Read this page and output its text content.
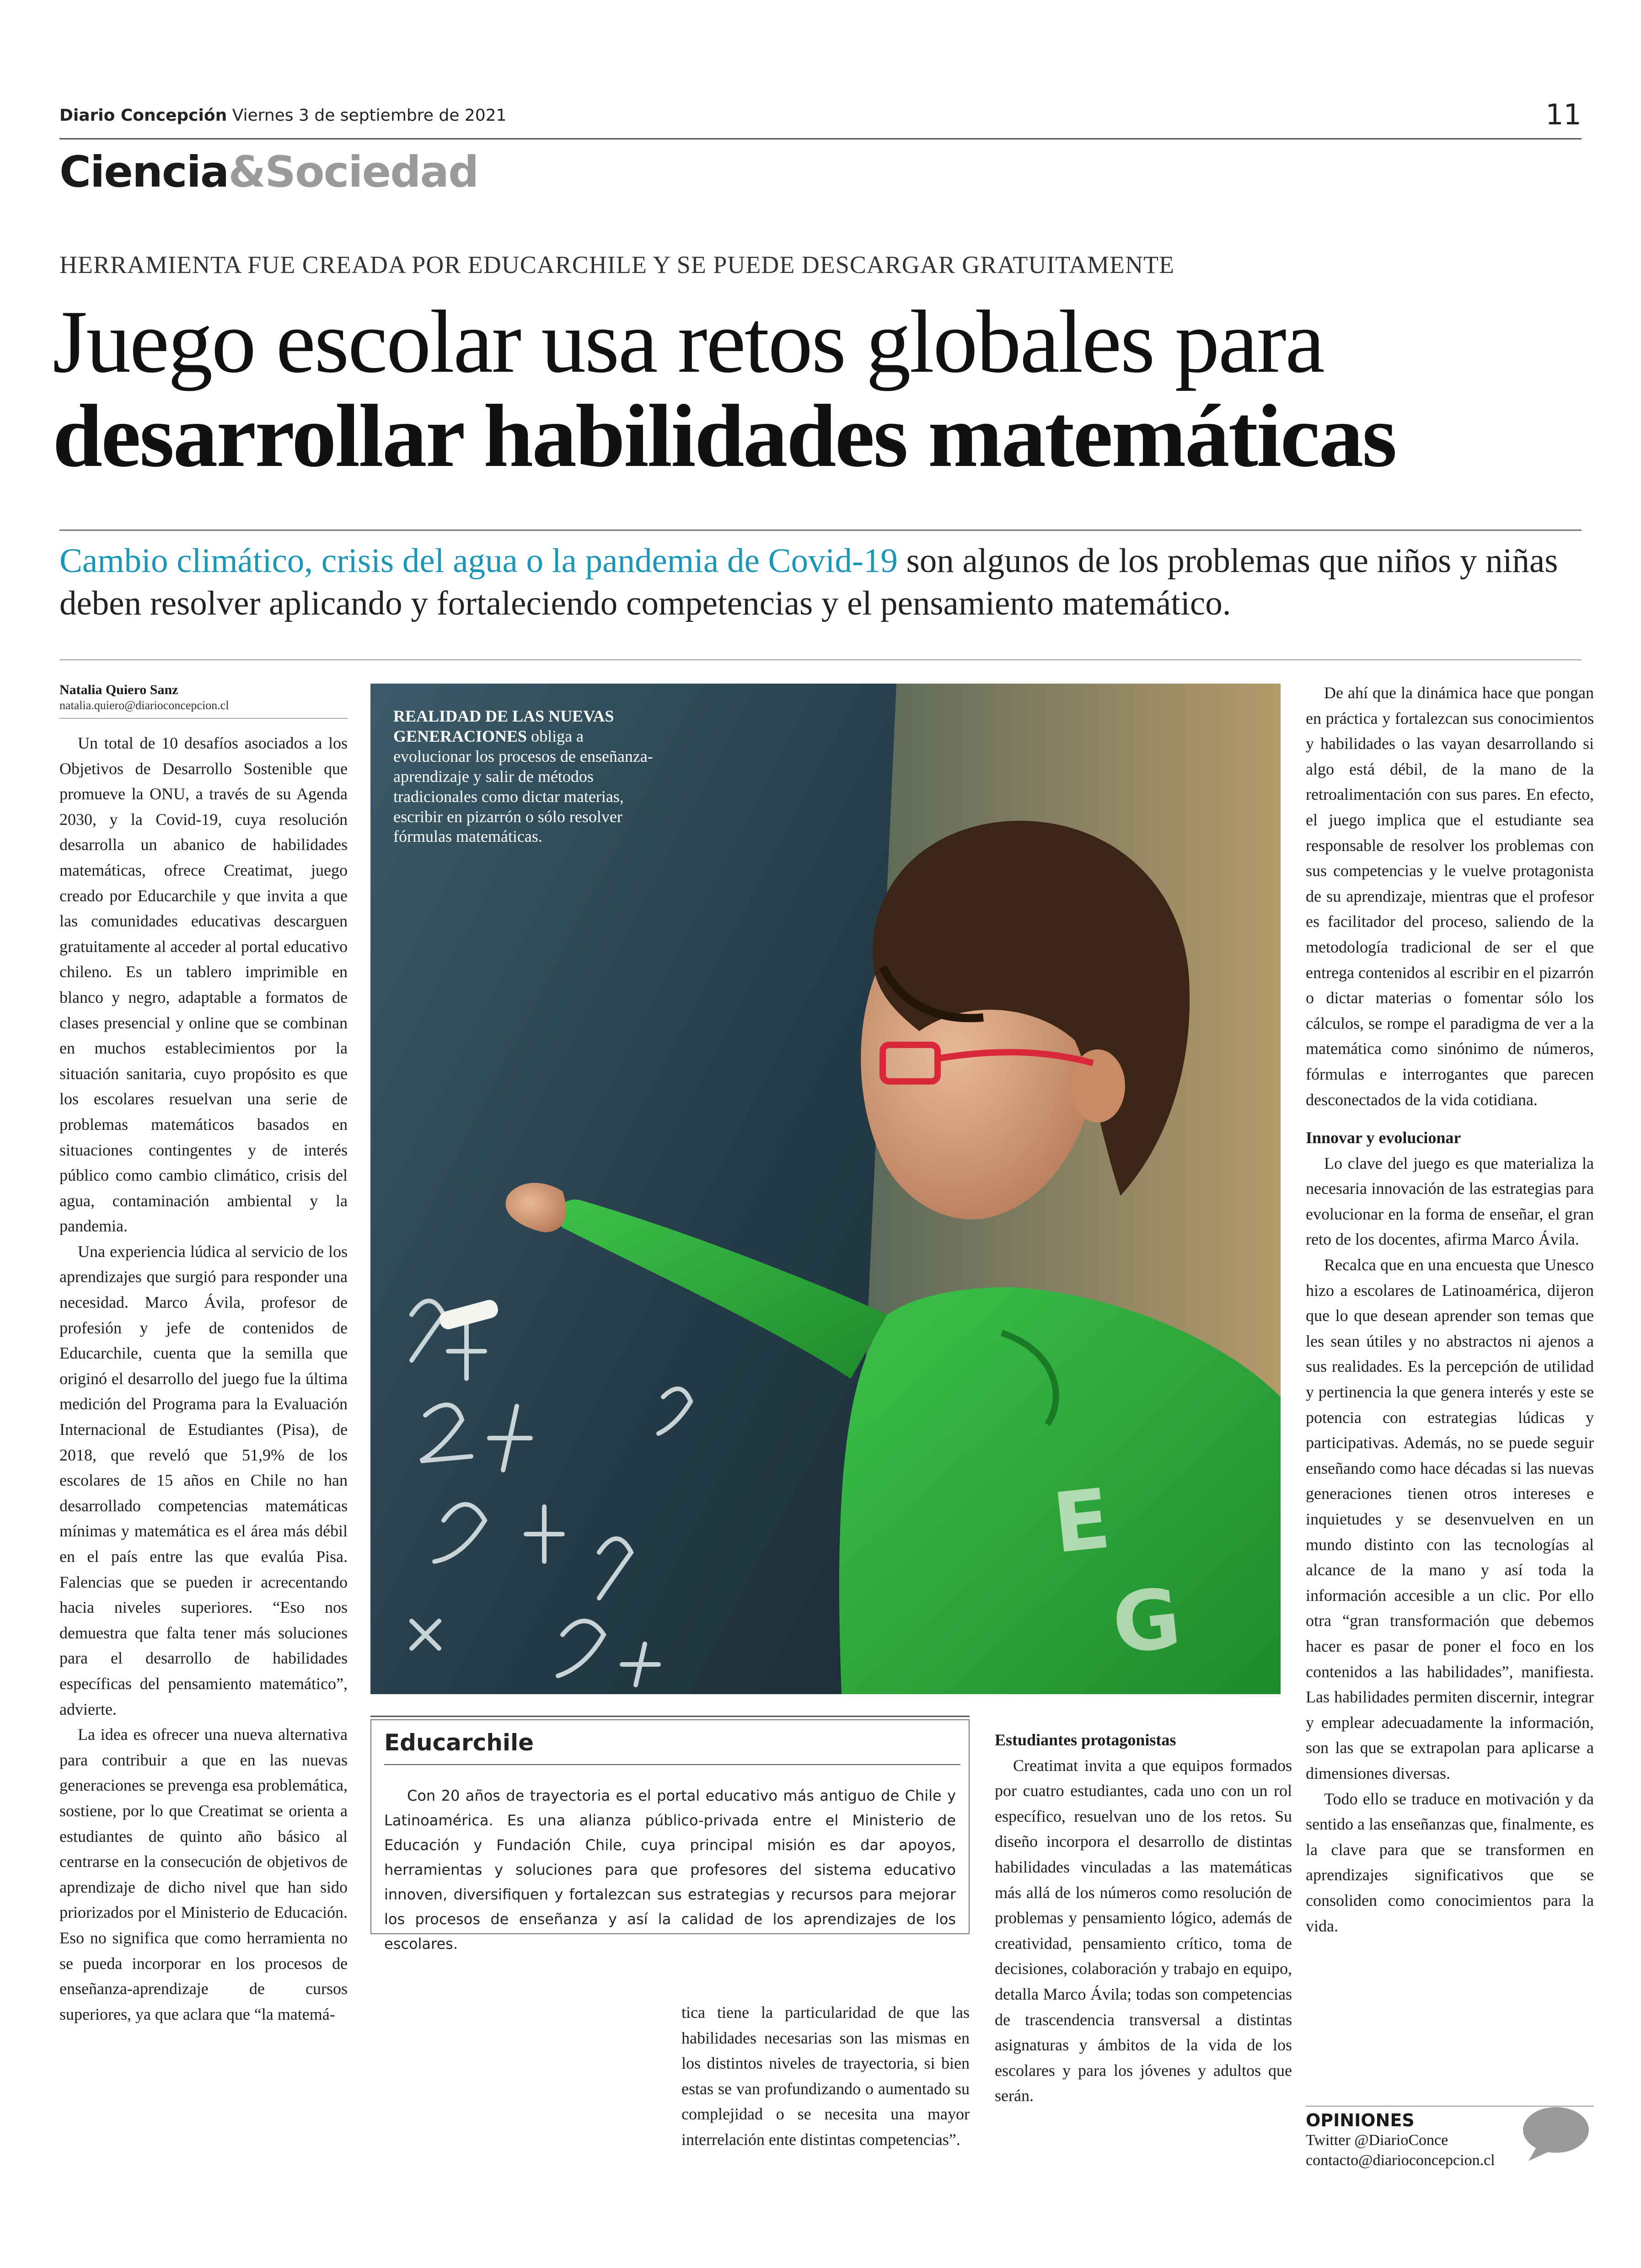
Diario Concepción Viernes 3 de septiembre de 2021	11
Ciencia&Sociedad
HERRAMIENTA FUE CREADA POR EDUCARCHILE Y SE PUEDE DESCARGAR GRATUITAMENTE
Juego escolar usa retos globales para
desarrollar habilidades matemáticas
Cambio climático, crisis del agua o la pandemia de Covid-19 son algunos de los problemas que niños y niñas deben resolver aplicando y fortaleciendo competencias y el pensamiento matemático.
Natalia Quiero Sanz
natalia.quiero@diarioconcepcion.cl

Un total de 10 desafíos asociados a los Objetivos de Desarrollo Sostenible que promueve la ONU, a través de su Agenda 2030, y la Covid-19, cuya resolución desarrolla un abanico de habilidades matemáticas, ofrece Creatimat, juego creado por Educarchile y que invita a que las comunidades educativas descarguen gratuitamente al acceder al portal educativo chileno. Es un tablero imprimible en blanco y negro, adaptable a formatos de clases presencial y online que se combinan en muchos establecimientos por la situación sanitaria, cuyo propósito es que los escolares resuelvan una serie de problemas matemáticos basados en situaciones contingentes y de interés público como cambio climático, crisis del agua, contaminación ambiental y la pandemia.

Una experiencia lúdica al servicio de los aprendizajes que surgió para responder una necesidad. Marco Ávila, profesor de profesión y jefe de contenidos de Educarchile, cuenta que la semilla que originó el desarrollo del juego fue la última medición del Programa para la Evaluación Internacional de Estudiantes (Pisa), de 2018, que reveló que 51,9% de los escolares de 15 años en Chile no han desarrollado competencias matemáticas mínimas y matemática es el área más débil en el país entre las que evalúa Pisa. Falencias que se pueden ir acrecentando hacia niveles superiores. “Eso nos demuestra que falta tener más soluciones para el desarrollo de habilidades específicas del pensamiento matemático”, advierte.

La idea es ofrecer una nueva alternativa para contribuir a que en las nuevas generaciones se prevenga esa problemática, sostiene, por lo que Creatimat se orienta a estudiantes de quinto año básico al centrarse en la consecución de objetivos de aprendizaje de dicho nivel que han sido priorizados por el Ministerio de Educación. Eso no significa que como herramienta no se pueda incorporar en los procesos de enseñanza-aprendizaje de cursos superiores, ya que aclara que “la matemá-

E
G
REALIDAD DE LAS NUEVAS GENERACIONES obliga a evolucionar los procesos de enseñanza-aprendizaje y salir de métodos tradicionales como dictar materias, escribir en pizarrón o sólo resolver fórmulas matemáticas.
Educarchile
Con 20 años de trayectoria es el portal educativo más antiguo de Chile y Latinoamérica. Es una alianza público-privada entre el Ministerio de Educación y Fundación Chile, cuya principal misión es dar apoyos, herramientas y soluciones para que profesores del sistema educativo innoven, diversifiquen y fortalezcan sus estrategias y recursos para mejorar los procesos de enseñanza y así la calidad de los aprendizajes de los escolares.

tica tiene la particularidad de que las habilidades necesarias son las mismas en los distintos niveles de trayectoria, si bien estas se van profundizando o aumentado su complejidad o se necesita una mayor interrelación ente distintas competencias”.

Estudiantes protagonistas

Creatimat invita a que equipos formados por cuatro estudiantes, cada uno con un rol específico, resuelvan uno de los retos. Su diseño incorpora el desarrollo de distintas habilidades vinculadas a las matemáticas más allá de los números como resolución de problemas y pensamiento lógico, además de creatividad, pensamiento crítico, toma de decisiones, colaboración y trabajo en equipo, detalla Marco Ávila; todas son competencias de trascendencia transversal a distintas asignaturas y ámbitos de la vida de los escolares y para los jóvenes y adultos que serán.

De ahí que la dinámica hace que pongan en práctica y fortalezcan sus conocimientos y habilidades o las vayan desarrollando si algo está débil, de la mano de la retroalimentación con sus pares. En efecto, el juego implica que el estudiante sea responsable de resolver los problemas con sus competencias y le vuelve protagonista de su aprendizaje, mientras que el profesor es facilitador del proceso, saliendo de la metodología tradicional de ser el que entrega contenidos al escribir en el pizarrón o dictar materias o fomentar sólo los cálculos, se rompe el paradigma de ver a la matemática como sinónimo de números, fórmulas e interrogantes que parecen desconectados de la vida cotidiana.

Innovar y evolucionar

Lo clave del juego es que materializa la necesaria innovación de las estrategias para evolucionar en la forma de enseñar, el gran reto de los docentes, afirma Marco Ávila.

Recalca que en una encuesta que Unesco hizo a escolares de Latinoamérica, dijeron que lo que desean aprender son temas que les sean útiles y no abstractos ni ajenos a sus realidades. Es la percepción de utilidad y pertinencia la que genera interés y este se potencia con estrategias lúdicas y participativas. Además, no se puede seguir enseñando como hace décadas si las nuevas generaciones tienen otros intereses e inquietudes y se desenvuelven en un mundo distinto con las tecnologías al alcance de la mano y así toda la información accesible a un clic. Por ello otra “gran transformación que debemos hacer es pasar de poner el foco en los contenidos a las habilidades”, manifiesta. Las habilidades permiten discernir, integrar y emplear adecuadamente la información, son las que se extrapolan para aplicarse a dimensiones diversas.

Todo ello se traduce en motivación y da sentido a las enseñanzas que, finalmente, es la clave para que se transformen en aprendizajes significativos que se consoliden como conocimientos para la vida.

OPINIONES
Twitter @DiarioConce
contacto@diarioconcepcion.cl
